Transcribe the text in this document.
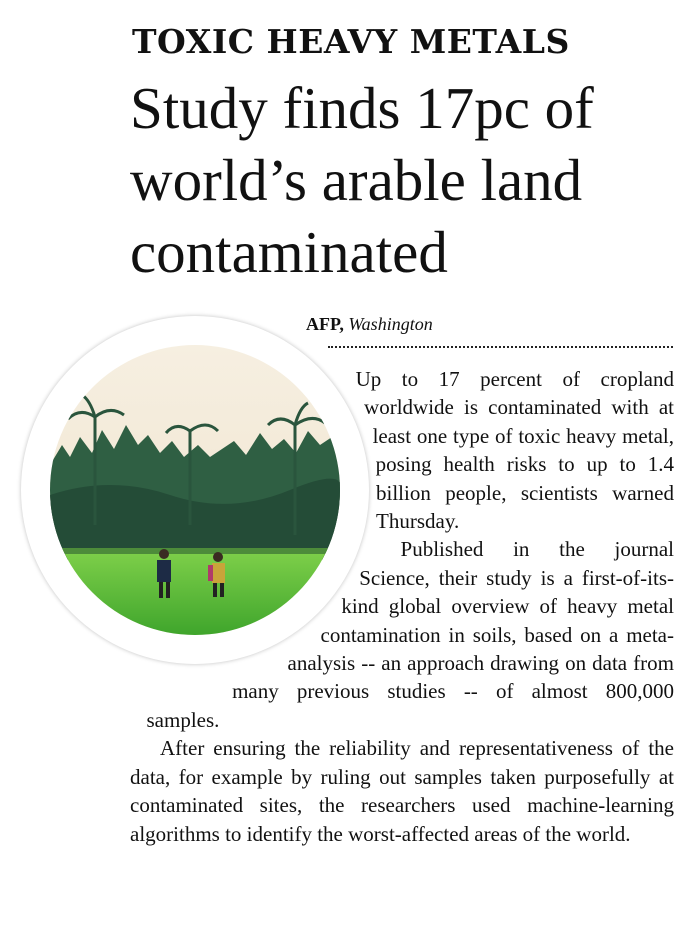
TOXIC HEAVY METALS
Study finds 17pc of world’s arable land contaminated
AFP, Washington

Up to 17 percent of cropland worldwide is contaminated with at least one type of toxic heavy metal, posing health risks to up to 1.4 billion people, scientists warned Thursday.

Published in the journal Science, their study is a first-of-its-kind global overview of heavy metal contamination in soils, based on a meta-analysis -- an approach drawing on data from many previous studies -- of almost 800,000 samples.

After ensuring the reliability and representativeness of the data, for example by ruling out samples taken purposefully at contaminated sites, the researchers used machine-learning algorithms to identify the worst-affected areas of the world.
